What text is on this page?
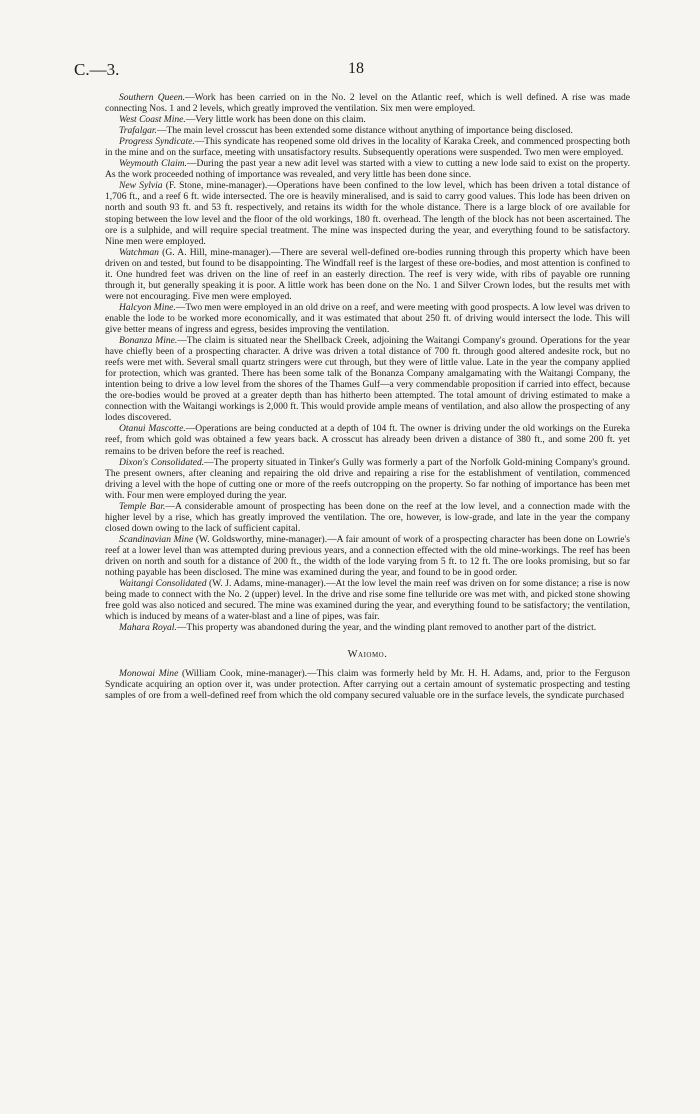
C.—3.	18

Southern Queen.—Work has been carried on in the No. 2 level on the Atlantic reef, which is well defined. A rise was made connecting Nos. 1 and 2 levels, which greatly improved the ventilation. Six men were employed.

West Coast Mine.—Very little work has been done on this claim.

Trafalgar.—The main level crosscut has been extended some distance without anything of importance being disclosed.

Progress Syndicate.—This syndicate has reopened some old drives in the locality of Karaka Creek, and commenced prospecting both in the mine and on the surface, meeting with unsatisfactory results. Subsequently operations were suspended. Two men were employed.

Weymouth Claim.—During the past year a new adit level was started with a view to cutting a new lode said to exist on the property. As the work proceeded nothing of importance was revealed, and very little has been done since.

New Sylvia (F. Stone, mine-manager).—Operations have been confined to the low level, which has been driven a total distance of 1,706 ft., and a reef 6 ft. wide intersected. The ore is heavily mineralised, and is said to carry good values. This lode has been driven on north and south 93 ft. and 53 ft. respectively, and retains its width for the whole distance. There is a large block of ore available for stoping between the low level and the floor of the old workings, 180 ft. overhead. The length of the block has not been ascertained. The ore is a sulphide, and will require special treatment. The mine was inspected during the year, and everything found to be satisfactory. Nine men were employed.

Watchman (G. A. Hill, mine-manager).—There are several well-defined ore-bodies running through this property which have been driven on and tested, but found to be disappointing. The Windfall reef is the largest of these ore-bodies, and most attention is confined to it. One hundred feet was driven on the line of reef in an easterly direction. The reef is very wide, with ribs of payable ore running through it, but generally speaking it is poor. A little work has been done on the No. 1 and Silver Crown lodes, but the results met with were not encouraging. Five men were employed.

Halcyon Mine.—Two men were employed in an old drive on a reef, and were meeting with good prospects. A low level was driven to enable the lode to be worked more economically, and it was estimated that about 250 ft. of driving would intersect the lode. This will give better means of ingress and egress, besides improving the ventilation.

Bonanza Mine.—The claim is situated near the Shellback Creek, adjoining the Waitangi Company's ground. Operations for the year have chiefly been of a prospecting character. A drive was driven a total distance of 700 ft. through good altered andesite rock, but no reefs were met with. Several small quartz stringers were cut through, but they were of little value. Late in the year the company applied for protection, which was granted. There has been some talk of the Bonanza Company amalgamating with the Waitangi Company, the intention being to drive a low level from the shores of the Thames Gulf—a very commendable proposition if carried into effect, because the ore-bodies would be proved at a greater depth than has hitherto been attempted. The total amount of driving estimated to make a connection with the Waitangi workings is 2,000 ft. This would provide ample means of ventilation, and also allow the prospecting of any lodes discovered.

Otanui Mascotte.—Operations are being conducted at a depth of 104 ft. The owner is driving under the old workings on the Eureka reef, from which gold was obtained a few years back. A crosscut has already been driven a distance of 380 ft., and some 200 ft. yet remains to be driven before the reef is reached.

Dixon's Consolidated.—The property situated in Tinker's Gully was formerly a part of the Norfolk Gold-mining Company's ground. The present owners, after cleaning and repairing the old drive and repairing a rise for the establishment of ventilation, commenced driving a level with the hope of cutting one or more of the reefs outcropping on the property. So far nothing of importance has been met with. Four men were employed during the year.

Temple Bar.—A considerable amount of prospecting has been done on the reef at the low level, and a connection made with the higher level by a rise, which has greatly improved the ventilation. The ore, however, is low-grade, and late in the year the company closed down owing to the lack of sufficient capital.

Scandinavian Mine (W. Goldsworthy, mine-manager).—A fair amount of work of a prospecting character has been done on Lowrie's reef at a lower level than was attempted during previous years, and a connection effected with the old mine-workings. The reef has been driven on north and south for a distance of 200 ft., the width of the lode varying from 5 ft. to 12 ft. The ore looks promising, but so far nothing payable has been disclosed. The mine was examined during the year, and found to be in good order.

Waitangi Consolidated (W. J. Adams, mine-manager).—At the low level the main reef was driven on for some distance; a rise is now being made to connect with the No. 2 (upper) level. In the drive and rise some fine telluride ore was met with, and picked stone showing free gold was also noticed and secured. The mine was examined during the year, and everything found to be satisfactory; the ventilation, which is induced by means of a water-blast and a line of pipes, was fair.

Mahara Royal.—This property was abandoned during the year, and the winding plant removed to another part of the district.

Waiomo.

Monowai Mine (William Cook, mine-manager).—This claim was formerly held by Mr. H. H. Adams, and, prior to the Ferguson Syndicate acquiring an option over it, was under protection. After carrying out a certain amount of systematic prospecting and testing samples of ore from a well-defined reef from which the old company secured valuable ore in the surface levels, the syndicate purchased
